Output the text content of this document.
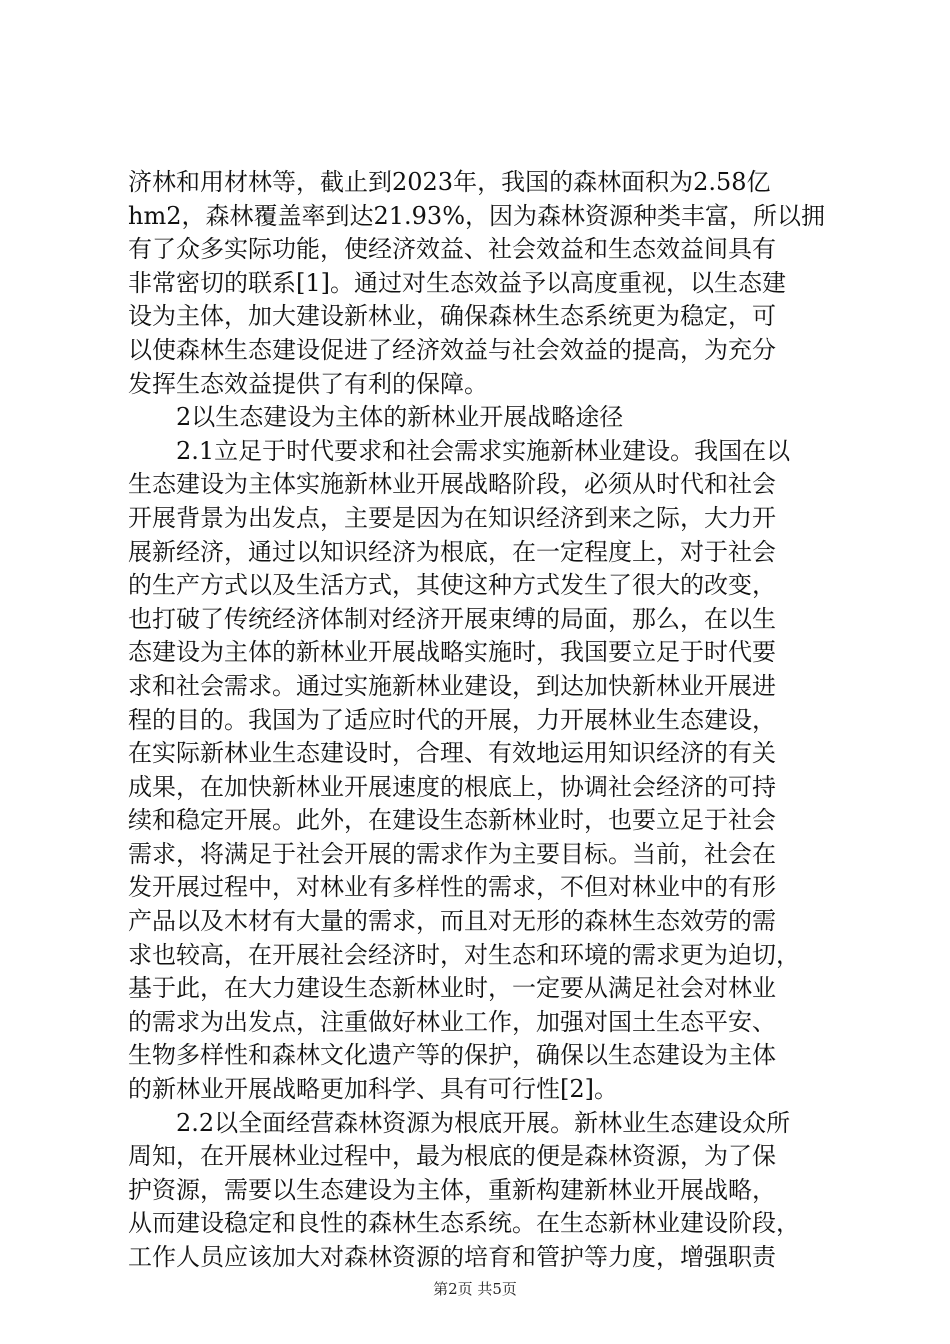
济林和用材林等，截止到2023年，我国的森林面积为2.58亿

hm2，森林覆盖率到达21.93%，因为森林资源种类丰富，所以拥

有了众多实际功能，使经济效益、社会效益和生态效益间具有

非常密切的联系[1]。通过对生态效益予以高度重视，以生态建

设为主体，加大建设新林业，确保森林生态系统更为稳定，可

以使森林生态建设促进了经济效益与社会效益的提高，为充分

发挥生态效益提供了有利的保障。

　　2以生态建设为主体的新林业开展战略途径

　　2.1立足于时代要求和社会需求实施新林业建设。我国在以

生态建设为主体实施新林业开展战略阶段，必须从时代和社会

开展背景为出发点，主要是因为在知识经济到来之际，大力开

展新经济，通过以知识经济为根底，在一定程度上，对于社会

的生产方式以及生活方式，其使这种方式发生了很大的改变，

也打破了传统经济体制对经济开展束缚的局面，那么，在以生

态建设为主体的新林业开展战略实施时，我国要立足于时代要

求和社会需求。通过实施新林业建设，到达加快新林业开展进

程的目的。我国为了适应时代的开展，力开展林业生态建设，

在实际新林业生态建设时，合理、有效地运用知识经济的有关

成果，在加快新林业开展速度的根底上，协调社会经济的可持

续和稳定开展。此外，在建设生态新林业时，也要立足于社会

需求，将满足于社会开展的需求作为主要目标。当前，社会在

发开展过程中，对林业有多样性的需求，不但对林业中的有形

产品以及木材有大量的需求，而且对无形的森林生态效劳的需

求也较高，在开展社会经济时，对生态和环境的需求更为迫切，

基于此，在大力建设生态新林业时，一定要从满足社会对林业

的需求为出发点，注重做好林业工作，加强对国土生态平安、

生物多样性和森林文化遗产等的保护，确保以生态建设为主体

的新林业开展战略更加科学、具有可行性[2]。

　　2.2以全面经营森林资源为根底开展。新林业生态建设众所

周知，在开展林业过程中，最为根底的便是森林资源，为了保

护资源，需要以生态建设为主体，重新构建新林业开展战略，

从而建设稳定和良性的森林生态系统。在生态新林业建设阶段，

工作人员应该加大对森林资源的培育和管护等力度，增强职责

第2页 共5页
